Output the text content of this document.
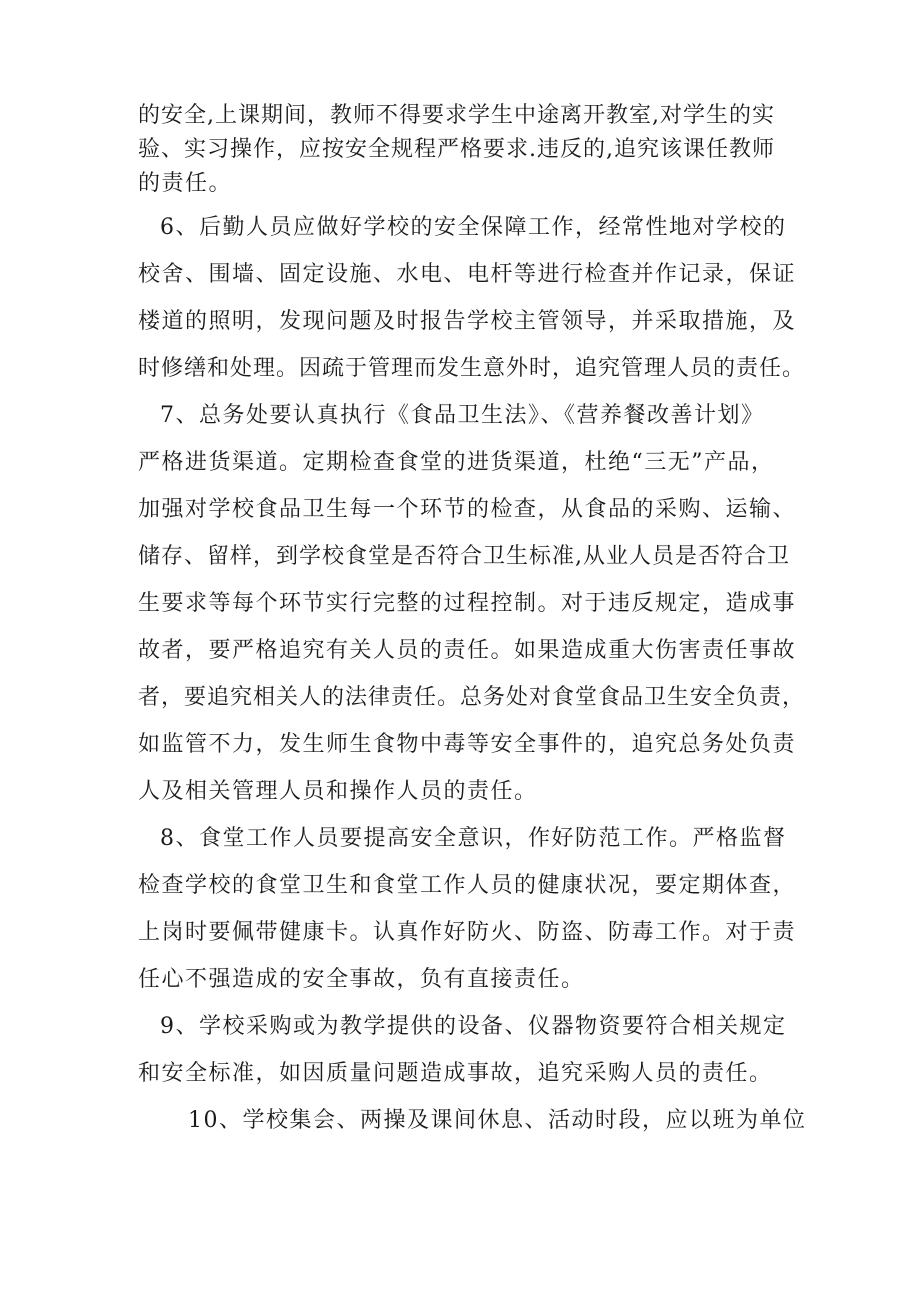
的安全,上课期间，教师不得要求学生中途离开教室,对学生的实
验、实习操作，应按安全规程严格要求.违反的,追究该课任教师
的责任。
6、后勤人员应做好学校的安全保障工作，经常性地对学校的
校舍、围墙、固定设施、水电、电杆等进行检查并作记录，保证
楼道的照明，发现问题及时报告学校主管领导，并采取措施，及
时修缮和处理。因疏于管理而发生意外时，追究管理人员的责任。
7、总务处要认真执行《食品卫生法》、《营养餐改善计划》
严格进货渠道。定期检查食堂的进货渠道，杜绝“三无”产品，
加强对学校食品卫生每一个环节的检查，从食品的采购、运输、
储存、留样，到学校食堂是否符合卫生标准,从业人员是否符合卫
生要求等每个环节实行完整的过程控制。对于违反规定，造成事
故者，要严格追究有关人员的责任。如果造成重大伤害责任事故
者，要追究相关人的法律责任。总务处对食堂食品卫生安全负责，
如监管不力，发生师生食物中毒等安全事件的，追究总务处负责
人及相关管理人员和操作人员的责任。
8、食堂工作人员要提高安全意识，作好防范工作。严格监督
检查学校的食堂卫生和食堂工作人员的健康状况，要定期体查，
上岗时要佩带健康卡。认真作好防火、防盗、防毒工作。对于责
任心不强造成的安全事故，负有直接责任。
9、学校采购或为教学提供的设备、仪器物资要符合相关规定
和安全标准，如因质量问题造成事故，追究采购人员的责任。
10、学校集会、两操及课间休息、活动时段，应以班为单位
